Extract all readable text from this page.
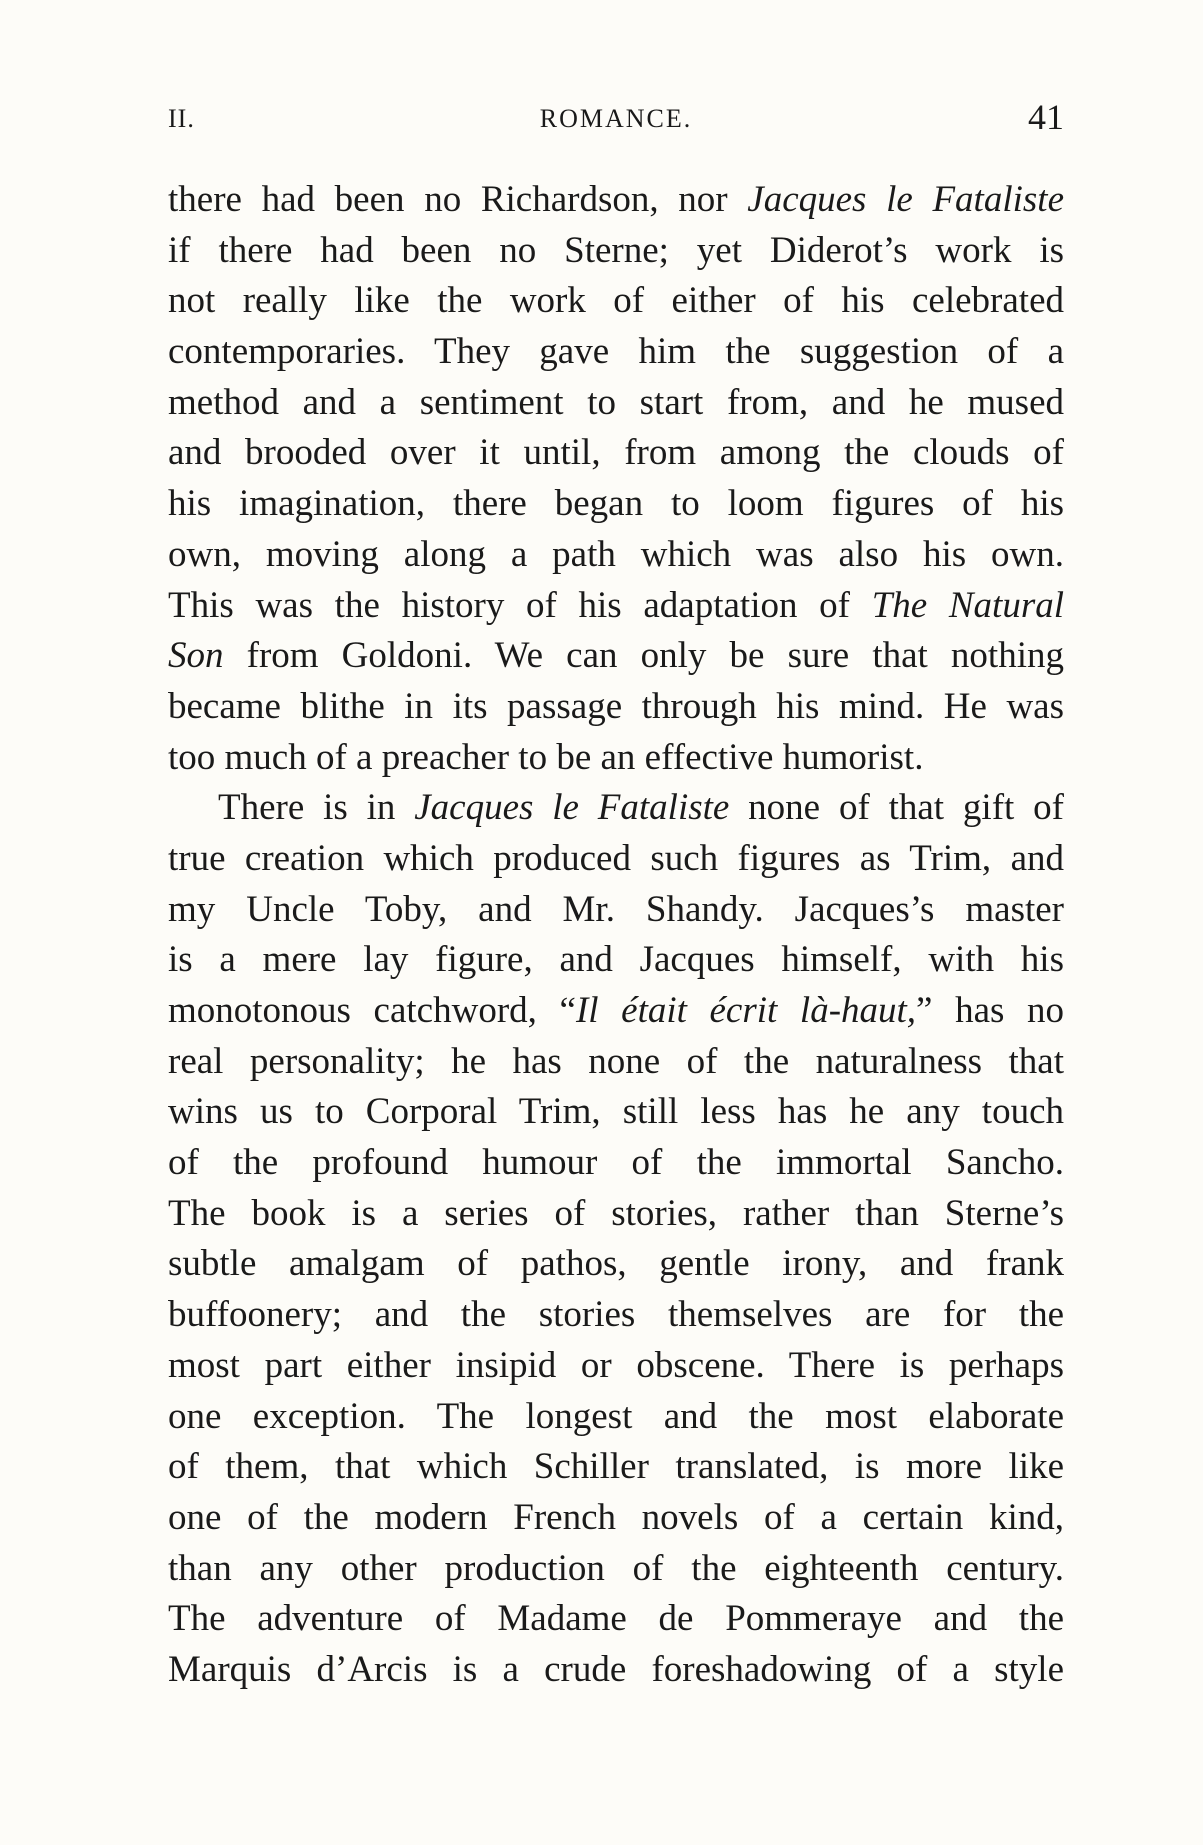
II.	ROMANCE.	41
there had been no Richardson, nor Jacques le Fataliste
if there had been no Sterne; yet Diderot’s work is
not really like the work of either of his celebrated
contemporaries. They gave him the suggestion of a
method and a sentiment to start from, and he mused
and brooded over it until, from among the clouds of
his imagination, there began to loom figures of his
own, moving along a path which was also his own.
This was the history of his adaptation of The Natural
Son from Goldoni. We can only be sure that nothing
became blithe in its passage through his mind. He was
too much of a preacher to be an effective humorist.
There is in Jacques le Fataliste none of that gift of
true creation which produced such figures as Trim, and
my Uncle Toby, and Mr. Shandy. Jacques’s master
is a mere lay figure, and Jacques himself, with his
monotonous catchword, “Il était écrit là-haut,” has no
real personality; he has none of the naturalness that
wins us to Corporal Trim, still less has he any touch
of the profound humour of the immortal Sancho.
The book is a series of stories, rather than Sterne’s
subtle amalgam of pathos, gentle irony, and frank
buffoonery; and the stories themselves are for the
most part either insipid or obscene. There is perhaps
one exception. The longest and the most elaborate
of them, that which Schiller translated, is more like
one of the modern French novels of a certain kind,
than any other production of the eighteenth century.
The adventure of Madame de Pommeraye and the
Marquis d’Arcis is a crude foreshadowing of a style
